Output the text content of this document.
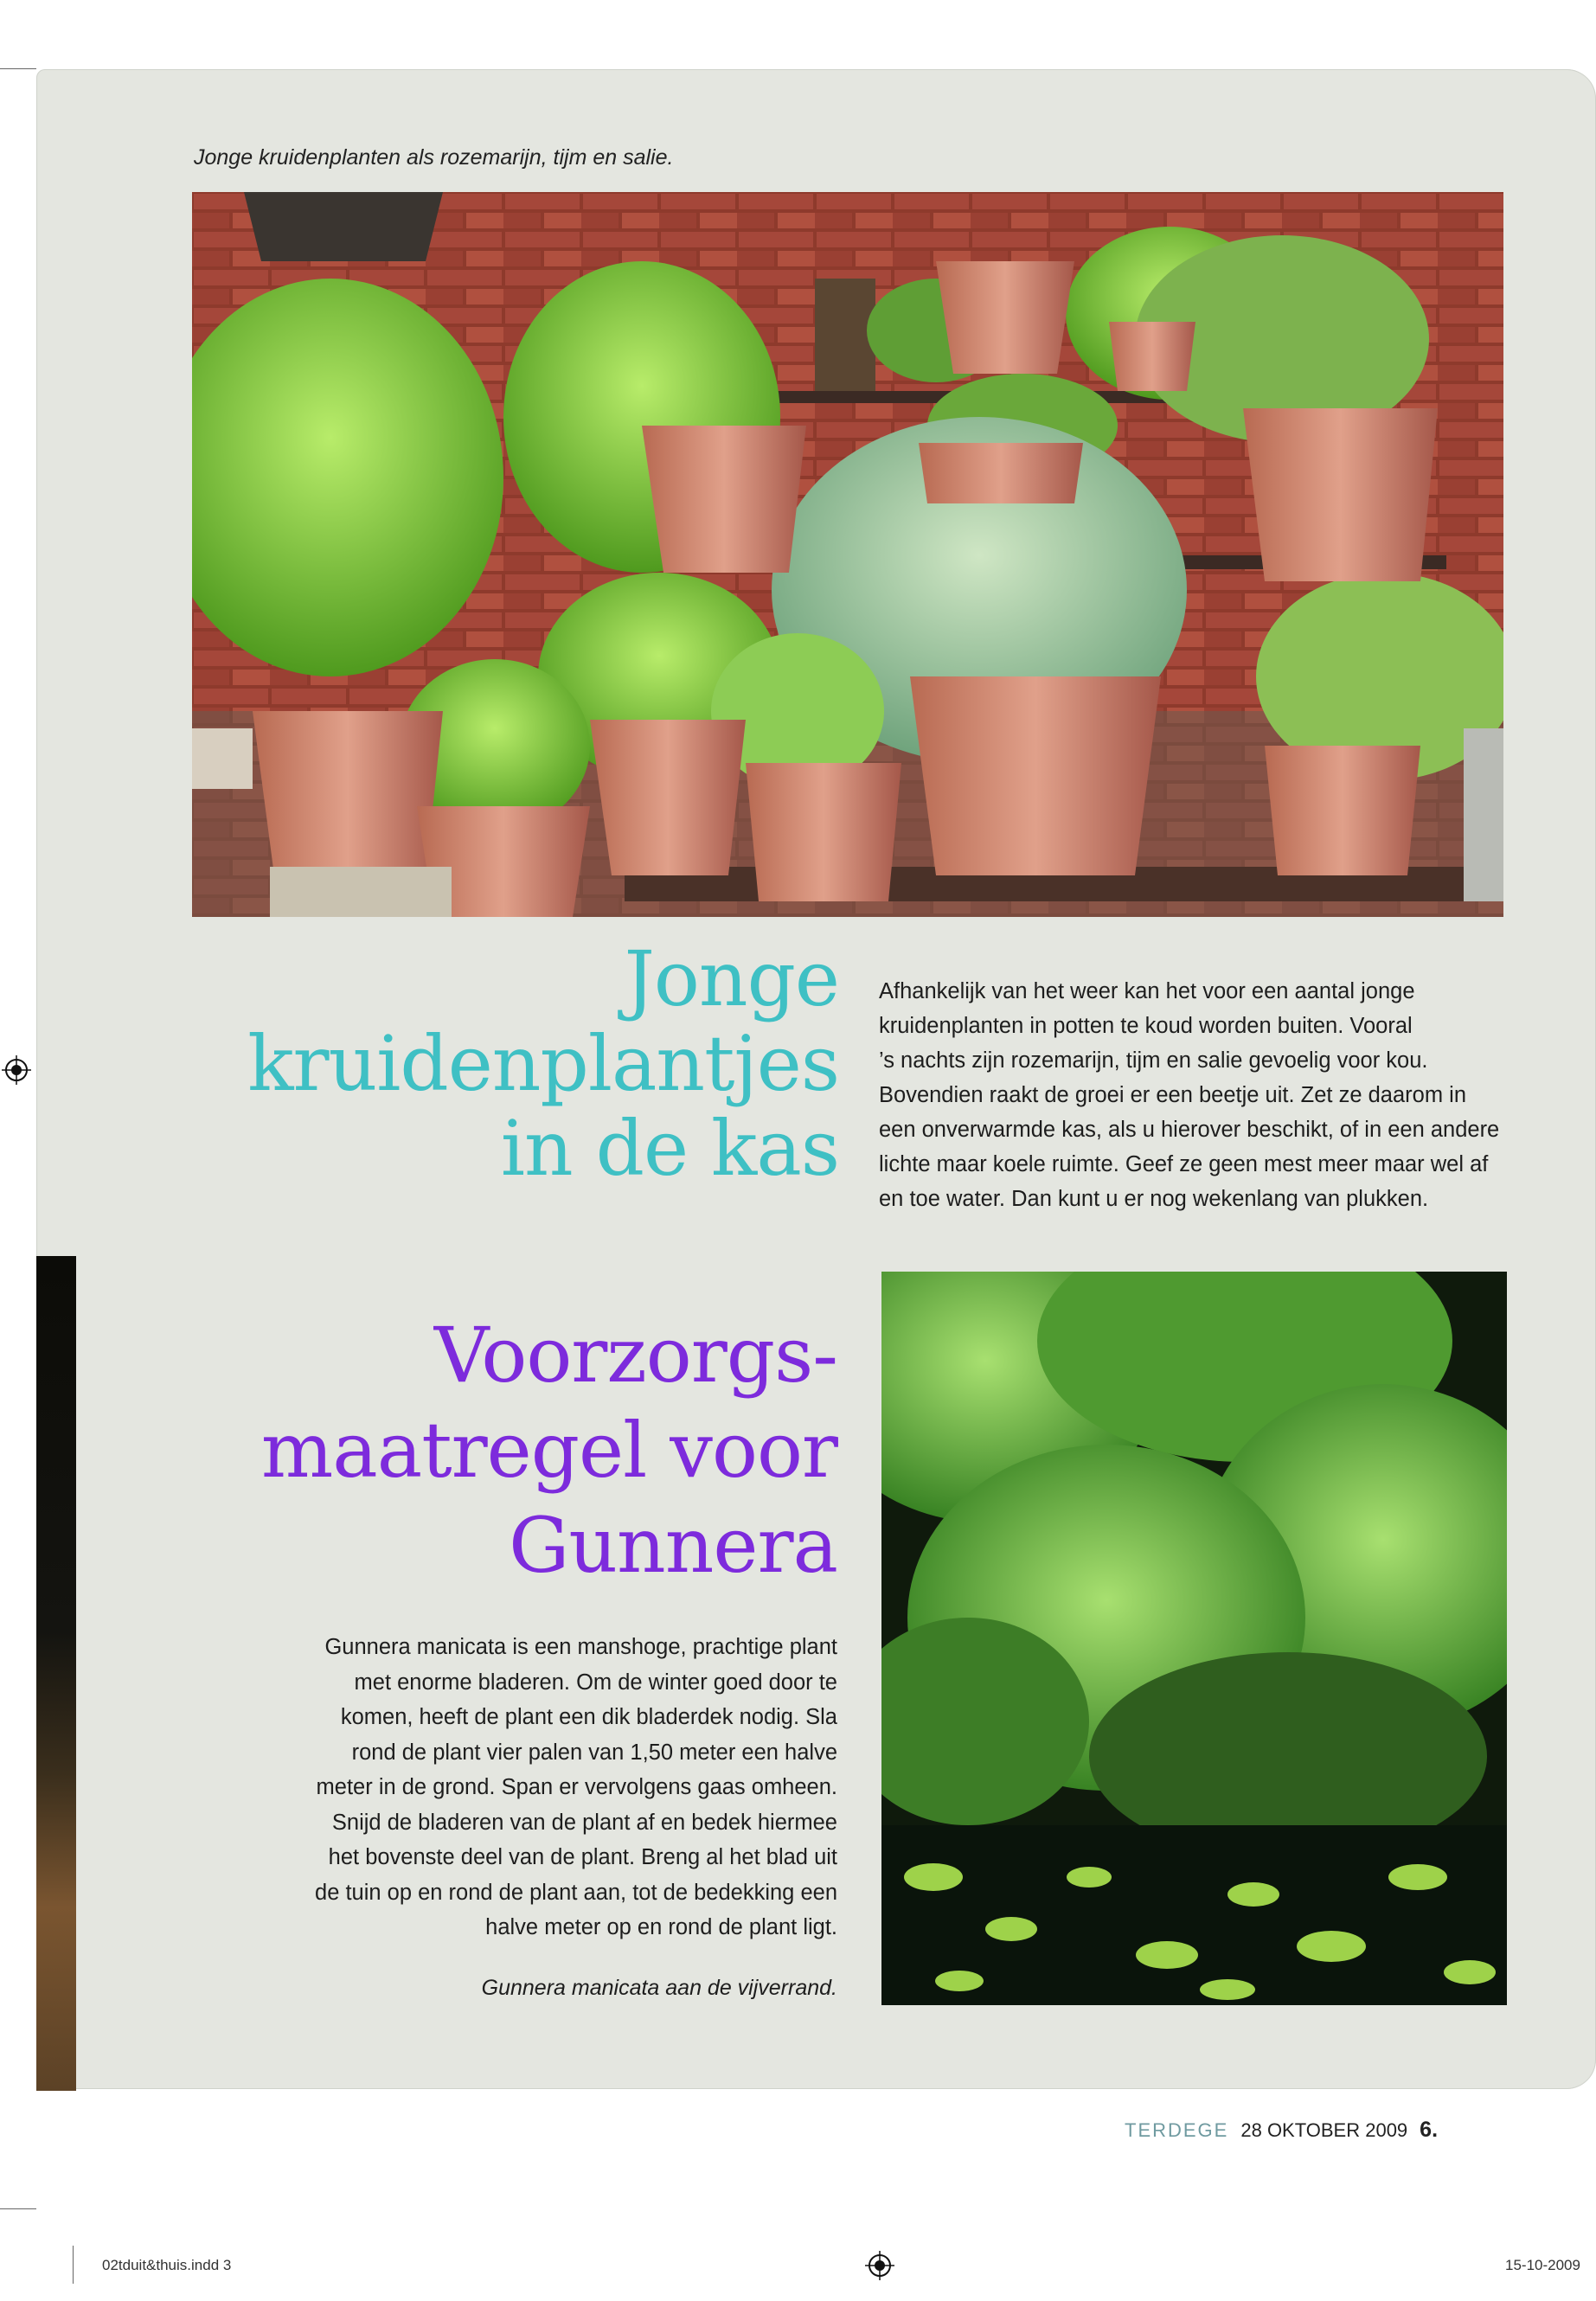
Jonge kruidenplanten als rozemarijn, tijm en salie.
Jonge
kruidenplantjes
in de kas
Afhankelijk van het weer kan het voor een aantal jonge
kruidenplanten in potten te koud worden buiten. Vooral
’s nachts zijn rozemarijn, tijm en salie gevoelig voor kou.
Bovendien raakt de groei er een beetje uit. Zet ze daarom in
een onverwarmde kas, als u hierover beschikt, of in een andere
lichte maar koele ruimte. Geef ze geen mest meer maar wel af
en toe water. Dan kunt u er nog wekenlang van plukken.
Voorzorgs-
maatregel voor
Gunnera
Gunnera manicata is een manshoge, prachtige plant
met enorme bladeren. Om de winter goed door te
komen, heeft de plant een dik bladerdek nodig. Sla
rond de plant vier palen van 1,50 meter een halve
meter in de grond. Span er vervolgens gaas omheen.
Snijd de bladeren van de plant af en bedek hiermee
het bovenste deel van de plant. Breng al het blad uit
de tuin op en rond de plant aan, tot de bedekking een
halve meter op en rond de plant ligt.
Gunnera manicata aan de vijverrand.
TERDEGE 28 OKTOBER 2009 6.
02tduit&thuis.indd 3	15-10-2009
